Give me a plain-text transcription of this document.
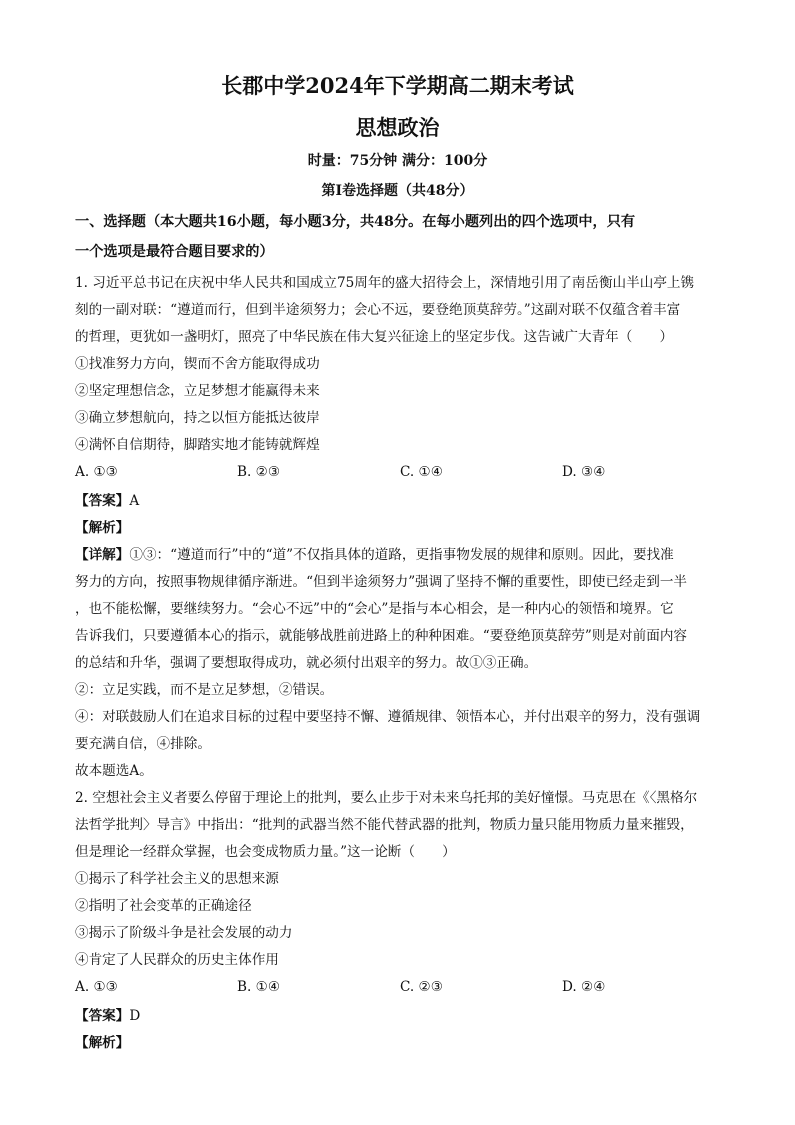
长郡中学2024年下学期高二期末考试
思想政治
时量：75分钟 满分：100分
第Ⅰ卷选择题（共48分）
一、选择题（本大题共16小题，每小题3分，共48分。在每小题列出的四个选项中，只有
一个选项是最符合题目要求的）
1. 习近平总书记在庆祝中华人民共和国成立75周年的盛大招待会上，深情地引用了南岳衡山半山亭上镌
刻的一副对联：“遵道而行，但到半途须努力；会心不远，要登绝顶莫辞劳。”这副对联不仅蕴含着丰富
的哲理，更犹如一盏明灯，照亮了中华民族在伟大复兴征途上的坚定步伐。这告诫广大青年（　　）
①找准努力方向，锲而不舍方能取得成功
②坚定理想信念，立足梦想才能赢得未来
③确立梦想航向，持之以恒方能抵达彼岸
④满怀自信期待，脚踏实地才能铸就辉煌
A. ①③	B. ②③	C. ①④	D. ③④
【答案】A
【解析】
【详解】①③：“遵道而行”中的“道”不仅指具体的道路，更指事物发展的规律和原则。因此，要找准
努力的方向，按照事物规律循序渐进。“但到半途须努力”强调了坚持不懈的重要性，即使已经走到一半
，也不能松懈，要继续努力。“会心不远”中的“会心”是指与本心相会，是一种内心的领悟和境界。它
告诉我们，只要遵循本心的指示，就能够战胜前进路上的种种困难。“要登绝顶莫辞劳”则是对前面内容
的总结和升华，强调了要想取得成功，就必须付出艰辛的努力。故①③正确。
②：立足实践，而不是立足梦想，②错误。
④：对联鼓励人们在追求目标的过程中要坚持不懈、遵循规律、领悟本心，并付出艰辛的努力，没有强调
要充满自信，④排除。
故本题选A。
2. 空想社会主义者要么停留于理论上的批判，要么止步于对未来乌托邦的美好憧憬。马克思在《〈黑格尔
法哲学批判〉导言》中指出：“批判的武器当然不能代替武器的批判，物质力量只能用物质力量来摧毁，
但是理论一经群众掌握，也会变成物质力量。”这一论断（　　）
①揭示了科学社会主义的思想来源
②指明了社会变革的正确途径
③揭示了阶级斗争是社会发展的动力
④肯定了人民群众的历史主体作用
A. ①③	B. ①④	C. ②③	D. ②④
【答案】D
【解析】
